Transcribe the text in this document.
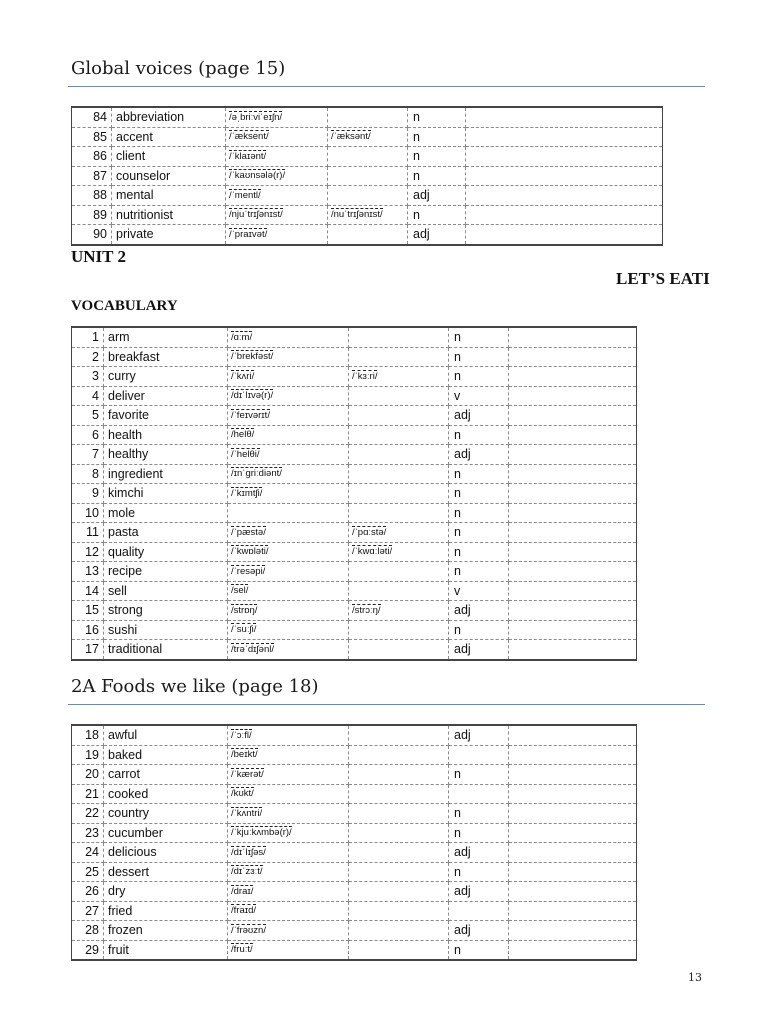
Global voices (page 15)
84	abbreviation	/əˌbriːviˈeɪʃn/		n	
85	accent	/ˈæksent/	/ˈæksənt/	n	
86	client	/ˈklaɪənt/		n	
87	counselor	/ˈkaʊnsələ(r)/		n	
88	mental	/ˈmentl/		adj	
89	nutritionist	/njuˈtrɪʃənɪst/	/nuˈtrɪʃənɪst/	n	
90	private	/ˈpraɪvət/		adj	
UNIT 2
LET’S EATI
VOCABULARY
1	arm	/ɑːm/		n	
2	breakfast	/ˈbrekfəst/		n	
3	curry	/ˈkʌri/	/ˈkɜːri/	n	
4	deliver	/dɪˈlɪvə(r)/		v	
5	favorite	/ˈfeɪvərɪt/		adj	
6	health	/helθ/		n	
7	healthy	/ˈhelθi/		adj	
8	ingredient	/ɪnˈɡriːdiənt/		n	
9	kimchi	/ˈkɪmtʃi/		n	
10	mole			n	
11	pasta	/ˈpæstə/	/ˈpɑːstə/	n	
12	quality	/ˈkwɒləti/	/ˈkwɑːləti/	n	
13	recipe	/ˈresəpi/		n	
14	sell	/sel/		v	
15	strong	/strɒŋ/	/strɔːŋ/	adj	
16	sushi	/ˈsuːʃi/		n	
17	traditional	/trəˈdɪʃənl/		adj	
2A Foods we like (page 18)
18	awful	/ˈɔːfl/		adj	
19	baked	/beɪkt/			
20	carrot	/ˈkærət/		n	
21	cooked	/kʊkt/			
22	country	/ˈkʌntri/		n	
23	cucumber	/ˈkjuːkʌmbə(r)/		n	
24	delicious	/dɪˈlɪʃəs/		adj	
25	dessert	/dɪˈzɜːt/		n	
26	dry	/draɪ/		adj	
27	fried	/fraɪd/			
28	frozen	/ˈfrəʊzn/		adj	
29	fruit	/fruːt/		n	
13
